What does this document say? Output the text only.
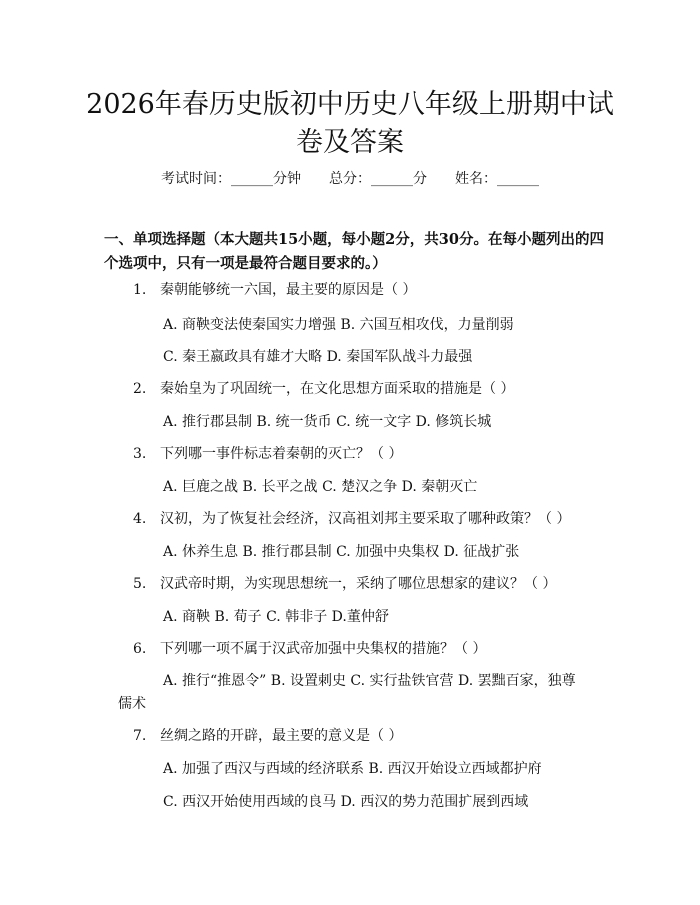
2026年春历史版初中历史八年级上册期中试
卷及答案
考试时间：______分钟 总分：______分 姓名：______

一、单项选择题（本大题共15小题，每小题2分，共30分。在每小题列出的四个选项中，只有一项是最符合题目要求的。）

1. 秦朝能够统一六国，最主要的原因是（ ）
A. 商鞅变法使秦国实力增强 B. 六国互相攻伐，力量削弱
C. 秦王嬴政具有雄才大略 D. 秦国军队战斗力最强
2. 秦始皇为了巩固统一，在文化思想方面采取的措施是（ ）
A. 推行郡县制 B. 统一货币 C. 统一文字 D. 修筑长城
3. 下列哪一事件标志着秦朝的灭亡？（ ）
A. 巨鹿之战 B. 长平之战 C. 楚汉之争 D. 秦朝灭亡
4. 汉初，为了恢复社会经济，汉高祖刘邦主要采取了哪种政策？（ ）
A. 休养生息 B. 推行郡县制 C. 加强中央集权 D. 征战扩张
5. 汉武帝时期，为实现思想统一，采纳了哪位思想家的建议？（ ）
A. 商鞅 B. 荀子 C. 韩非子 D.董仲舒
6. 下列哪一项不属于汉武帝加强中央集权的措施？（ ）
A. 推行“推恩令” B. 设置刺史 C. 实行盐铁官营 D. 罢黜百家，独尊
儒术
7. 丝绸之路的开辟，最主要的意义是（ ）
A. 加强了西汉与西域的经济联系 B. 西汉开始设立西域都护府
C. 西汉开始使用西域的良马 D. 西汉的势力范围扩展到西域
